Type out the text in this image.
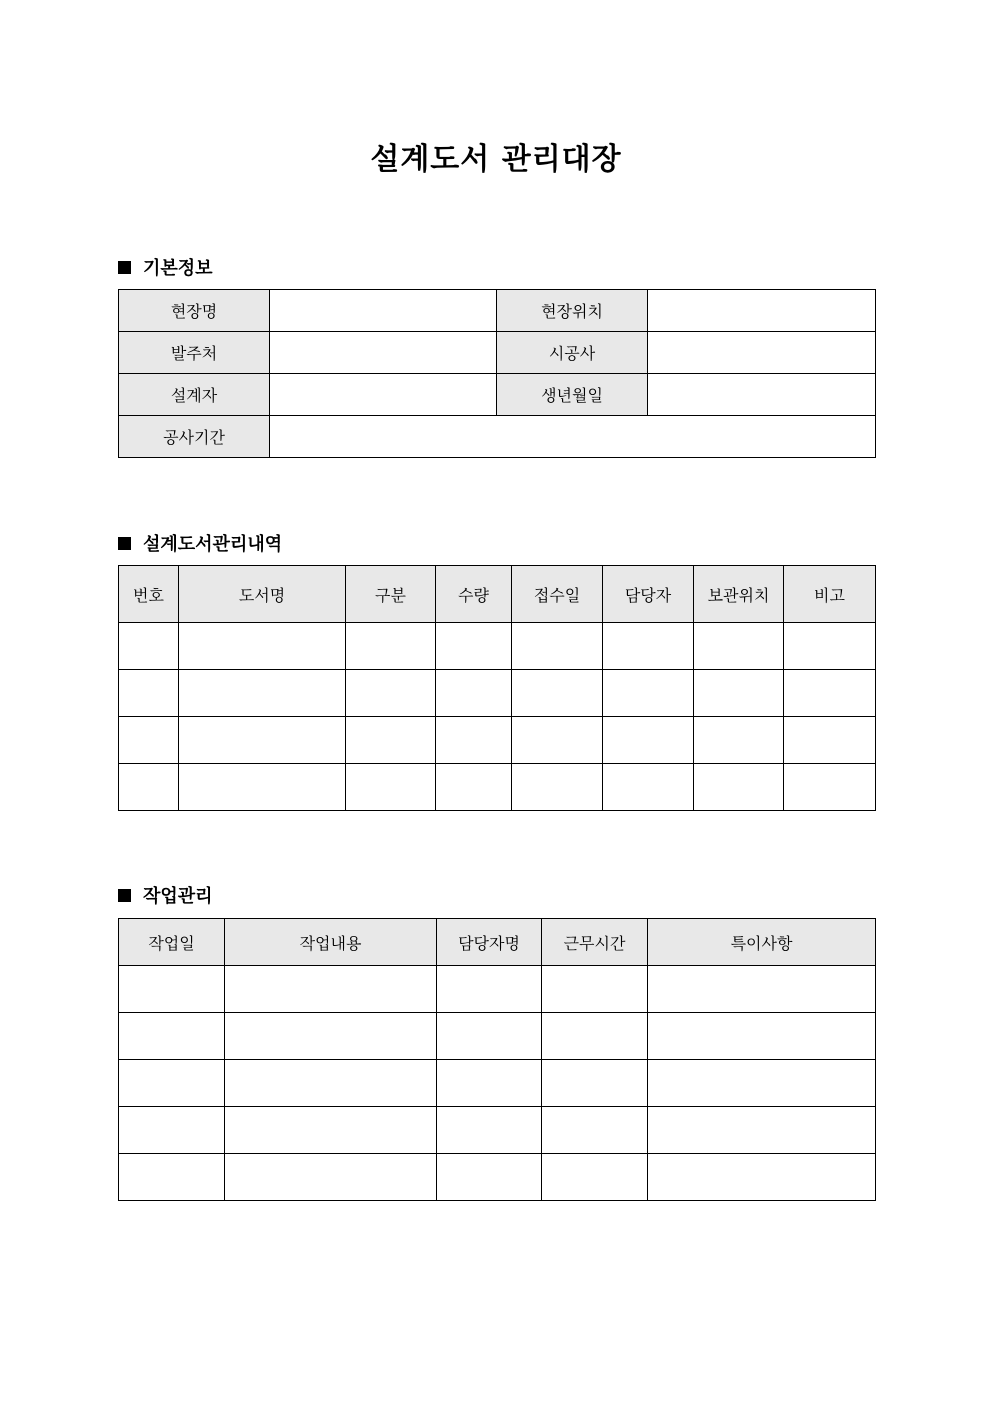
설계도서 관리대장
기본정보
현장명		현장위치	
발주처		시공사	
설계자		생년월일	
공사기간			
설계도서관리내역
번호	도서명	구분	수량	접수일	담당자	보관위치	비고

작업관리
작업일	작업내용	담당자명	근무시간	특이사항
